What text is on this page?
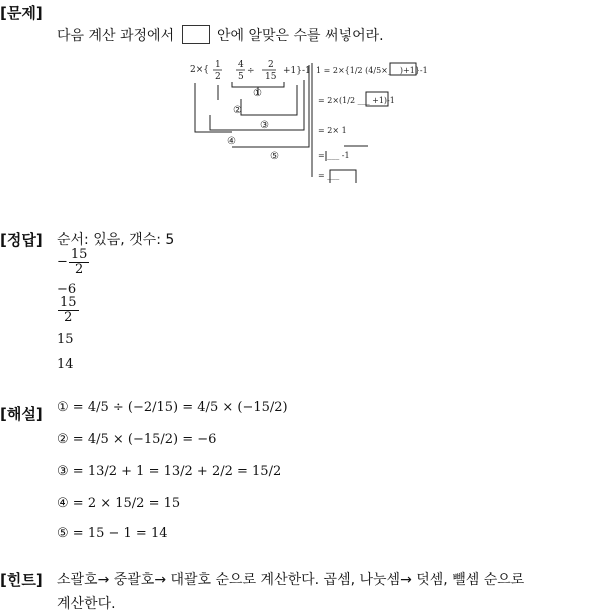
[문제]
다음 계산 과정에서	안에 알맞은 수를 써넣어라.
2×{ 1
2
4
5
÷
2
15
+1}-1
①
②
③
④
⑤
1 = 2×{1/2 (4/5×___)+1}-1
= 2×(1/2 ___ +1)-1
= 2× 1
= ___ -1
= ___
[정답] 순서: 있음, 갯수: 5
− $\frac{15}{2}$
−6
$\frac{15}{2}$
15
14
[해설] ① = 4/5 ÷ (−2/15) = 4/5 × (−15/2)
② = 4/5 × (−15/2) = −6
③ = 13/2 + 1 = 13/2 + 2/2 = 15/2
④ = 2 × 15/2 = 15
⑤ = 15 − 1 = 14
[힌트] 소괄호→ 중괄호→ 대괄호 순으로 계산한다. 곱셈, 나눗셈→ 덧셈, 뺄셈 순으로
계산한다.
